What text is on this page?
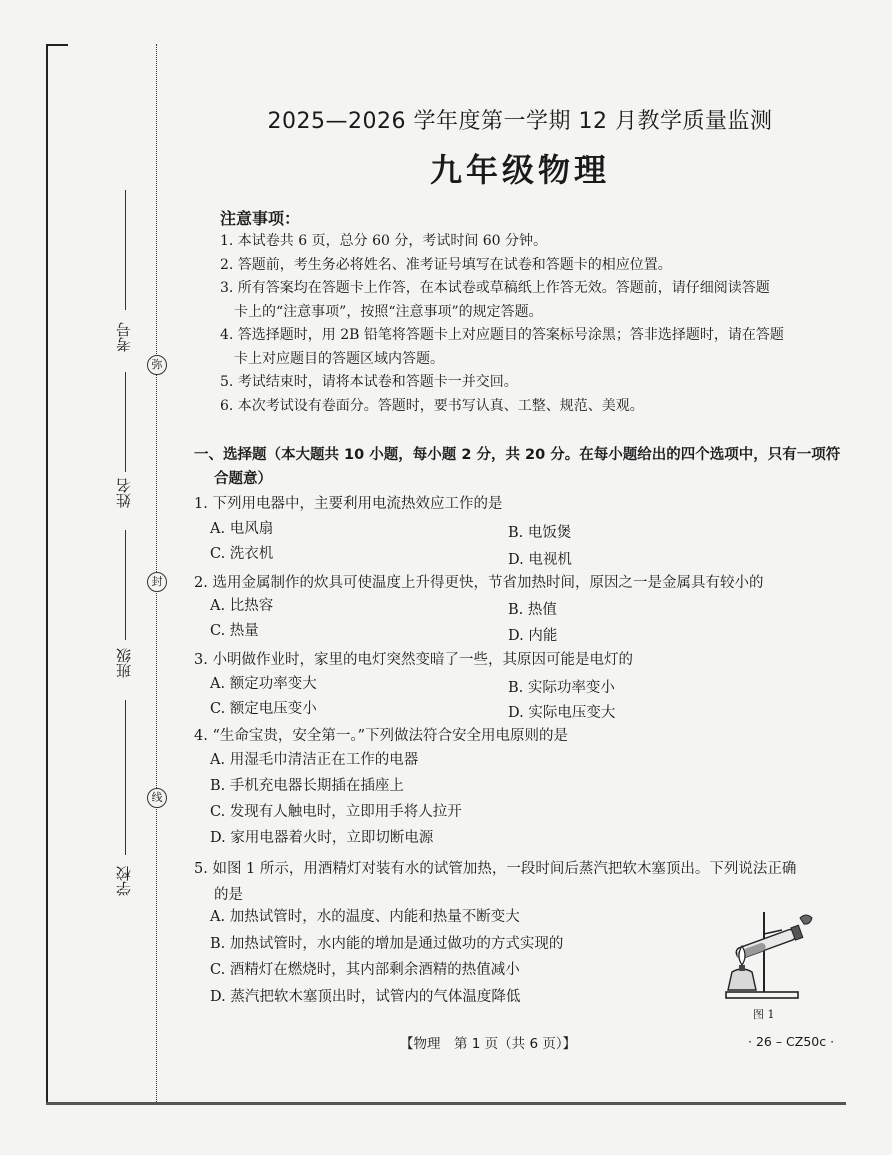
弥
封
线
考号
姓名
班级
学校
2025—2026 学年度第一学期 12 月教学质量监测
九年级物理
注意事项：
1. 本试卷共 6 页，总分 60 分，考试时间 60 分钟。
2. 答题前，考生务必将姓名、准考证号填写在试卷和答题卡的相应位置。
3. 所有答案均在答题卡上作答，在本试卷或草稿纸上作答无效。答题前，请仔细阅读答题
卡上的“注意事项”，按照“注意事项”的规定答题。
4. 答选择题时，用 2B 铅笔将答题卡上对应题目的答案标号涂黑；答非选择题时，请在答题
卡上对应题目的答题区域内答题。
5. 考试结束时，请将本试卷和答题卡一并交回。
6. 本次考试设有卷面分。答题时，要书写认真、工整、规范、美观。
一、选择题（本大题共 10 小题，每小题 2 分，共 20 分。在每小题给出的四个选项中，只有一项符
合题意）
1. 下列用电器中，主要利用电流热效应工作的是
A. 电风扇	B. 电饭煲
C. 洗衣机	D. 电视机
2. 选用金属制作的炊具可使温度上升得更快，节省加热时间，原因之一是金属具有较小的
A. 比热容	B. 热值
C. 热量	D. 内能
3. 小明做作业时，家里的电灯突然变暗了一些，其原因可能是电灯的
A. 额定功率变大	B. 实际功率变小
C. 额定电压变小	D. 实际电压变大
4. “生命宝贵，安全第一。”下列做法符合安全用电原则的是
A. 用湿毛巾清洁正在工作的电器
B. 手机充电器长期插在插座上
C. 发现有人触电时，立即用手将人拉开
D. 家用电器着火时，立即切断电源
5. 如图 1 所示，用酒精灯对装有水的试管加热，一段时间后蒸汽把软木塞顶出。下列说法正确
的是
A. 加热试管时，水的温度、内能和热量不断变大
B. 加热试管时，水内能的增加是通过做功的方式实现的
C. 酒精灯在燃烧时，其内部剩余酒精的热值减小
D. 蒸汽把软木塞顶出时，试管内的气体温度降低
图 1
【物理　第 1 页（共 6 页）】	· 26 – CZ50c ·
